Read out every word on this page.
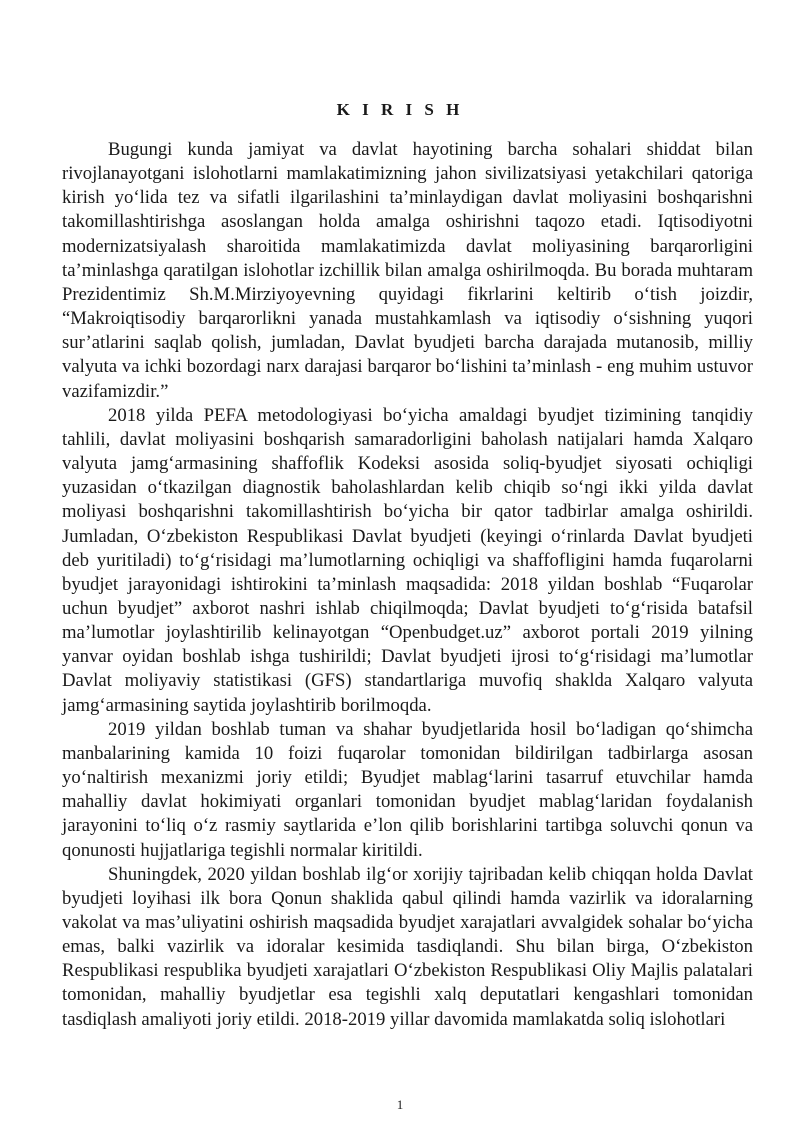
K I R I S H

Bugungi kunda jamiyat va davlat hayotining barcha sohalari shiddat bilan rivojlanayotgani islohotlarni mamlakatimizning jahon sivilizatsiyasi yetakchilari qatoriga kirish yo‘lida tez va sifatli ilgarilashini ta’minlaydigan davlat moliyasini boshqarishni takomillashtirishga asoslangan holda amalga oshirishni taqozo etadi. Iqtisodiyotni modernizatsiyalash sharoitida mamlakatimizda davlat moliyasining barqarorligini ta’minlashga qaratilgan islohotlar izchillik bilan amalga oshirilmoqda. Bu borada muhtaram Prezidentimiz Sh.M.Mirziyoyevning quyidagi fikrlarini keltirib o‘tish joizdir, “Makroiqtisodiy barqarorlikni yanada mustahkamlash va iqtisodiy o‘sishning yuqori sur’atlarini saqlab qolish, jumladan, Davlat byudjeti barcha darajada mutanosib, milliy valyuta va ichki bozordagi narx darajasi barqaror bo‘lishini ta’minlash - eng muhim ustuvor vazifamizdir.”

2018 yilda PEFA metodologiyasi bo‘yicha amaldagi byudjet tizimining tanqidiy tahlili, davlat moliyasini boshqarish samaradorligini baholash natijalari hamda Xalqaro valyuta jamg‘armasining shaffoflik Kodeksi asosida soliq-byudjet siyosati ochiqligi yuzasidan o‘tkazilgan diagnostik baholashlardan kelib chiqib so‘ngi ikki yilda davlat moliyasi boshqarishni takomillashtirish bo‘yicha bir qator tadbirlar amalga oshirildi. Jumladan, O‘zbekiston Respublikasi Davlat byudjeti (keyingi o‘rinlarda Davlat byudjeti deb yuritiladi) to‘g‘risidagi ma’lumotlarning ochiqligi va shaffofligini hamda fuqarolarni byudjet jarayonidagi ishtirokini ta’minlash maqsadida: 2018 yildan boshlab “Fuqarolar uchun byudjet” axborot nashri ishlab chiqilmoqda; Davlat byudjeti to‘g‘risida batafsil ma’lumotlar joylashtirilib kelinayotgan “Openbudget.uz” axborot portali 2019 yilning yanvar oyidan boshlab ishga tushirildi; Davlat byudjeti ijrosi to‘g‘risidagi ma’lumotlar Davlat moliyaviy statistikasi (GFS) standartlariga muvofiq shaklda Xalqaro valyuta jamg‘armasining saytida joylashtirib borilmoqda.

2019 yildan boshlab tuman va shahar byudjetlarida hosil bo‘ladigan qo‘shimcha manbalarining kamida 10 foizi fuqarolar tomonidan bildirilgan tadbirlarga asosan yo‘naltirish mexanizmi joriy etildi; Byudjet mablag‘larini tasarruf etuvchilar hamda mahalliy davlat hokimiyati organlari tomonidan byudjet mablag‘laridan foydalanish jarayonini to‘liq o‘z rasmiy saytlarida e’lon qilib borishlarini tartibga soluvchi qonun va qonunosti hujjatlariga tegishli normalar kiritildi.

Shuningdek, 2020 yildan boshlab ilg‘or xorijiy tajribadan kelib chiqqan holda Davlat byudjeti loyihasi ilk bora Qonun shaklida qabul qilindi hamda vazirlik va idoralarning vakolat va mas’uliyatini oshirish maqsadida byudjet xarajatlari avvalgidek sohalar bo‘yicha emas, balki vazirlik va idoralar kesimida tasdiqlandi. Shu bilan birga, O‘zbekiston Respublikasi respublika byudjeti xarajatlari O‘zbekiston Respublikasi Oliy Majlis palatalari tomonidan, mahalliy byudjetlar esa tegishli xalq deputatlari kengashlari tomonidan tasdiqlash amaliyoti joriy etildi. 2018-2019 yillar davomida mamlakatda soliq islohotlari

1
